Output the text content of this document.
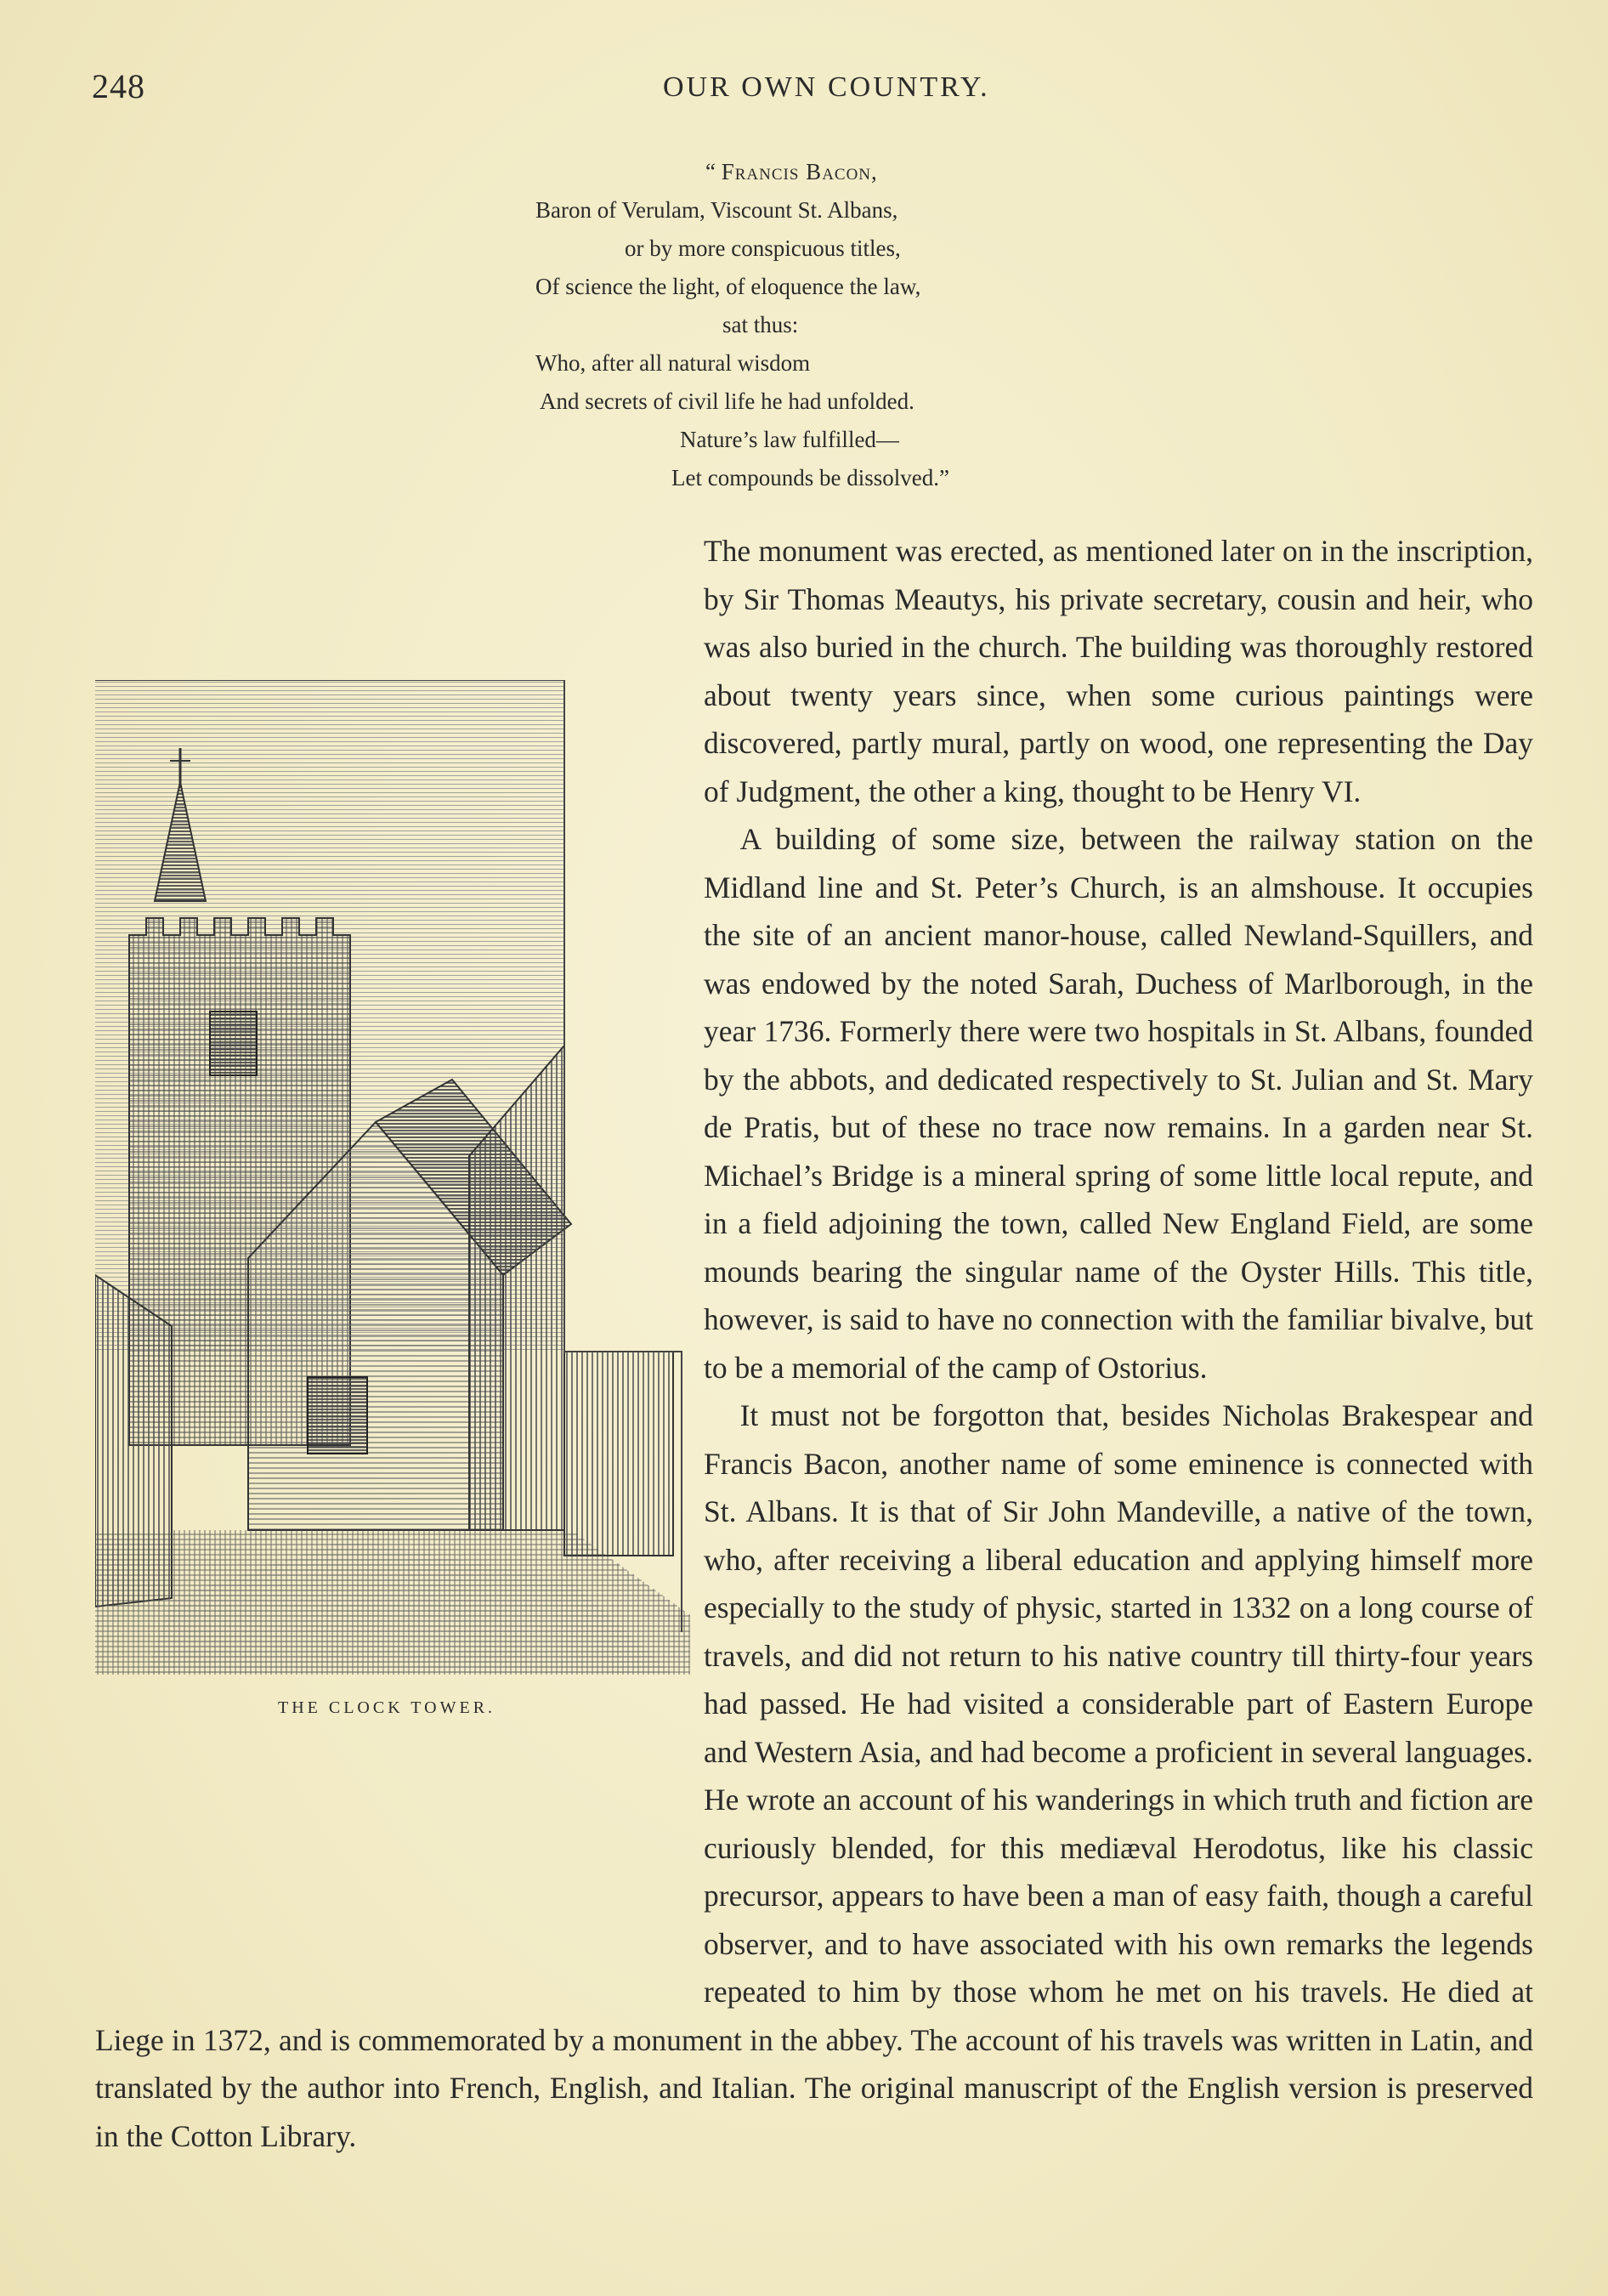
248	OUR OWN COUNTRY.
“ Francis Bacon,
Baron of Verulam, Viscount St. Albans,
or by more conspicuous titles,
Of science the light, of eloquence the law,
sat thus:
Who, after all natural wisdom
And secrets of civil life he had unfolded.
Nature’s law fulfilled—
Let compounds be dissolved.”
THE CLOCK TOWER.

The monument was erected, as mentioned later on in the inscription, by Sir Thomas Meautys, his private secretary, cousin and heir, who was also buried in the church. The building was thoroughly restored about twenty years since, when some curious paintings were discovered, partly mural, partly on wood, one representing the Day of Judgment, the other a king, thought to be Henry VI.

A building of some size, between the railway station on the Midland line and St. Peter’s Church, is an almshouse. It occupies the site of an ancient manor-house, called Newland-Squillers, and was endowed by the noted Sarah, Duchess of Marlborough, in the year 1736. Formerly there were two hospitals in St. Albans, founded by the abbots, and dedicated respectively to St. Julian and St. Mary de Pratis, but of these no trace now remains. In a garden near St. Michael’s Bridge is a mineral spring of some little local repute, and in a field adjoining the town, called New England Field, are some mounds bearing the singular name of the Oyster Hills. This title, however, is said to have no connection with the familiar bivalve, but to be a memorial of the camp of Ostorius.

It must not be forgotton that, besides Nicholas Brakespear and Francis Bacon, another name of some eminence is connected with St. Albans. It is that of Sir John Mandeville, a native of the town, who, after receiving a liberal education and applying himself more especially to the study of physic, started in 1332 on a long course of travels, and did not return to his native country till thirty-four years had passed. He had visited a considerable part of Eastern Europe and Western Asia, and had become a proficient in several languages. He wrote an account of his wanderings in which truth and fiction are curiously blended, for this mediæval Herodotus, like his classic precursor, appears to have been a man of easy faith, though a careful observer, and to have associated with his own remarks the legends repeated to him by those whom he met on his travels. He died at Liege in 1372, and is commemorated by a monument in the abbey. The account of his travels was written in Latin, and translated by the author into French, English, and Italian. The original manuscript of the English version is preserved in the Cotton Library.
